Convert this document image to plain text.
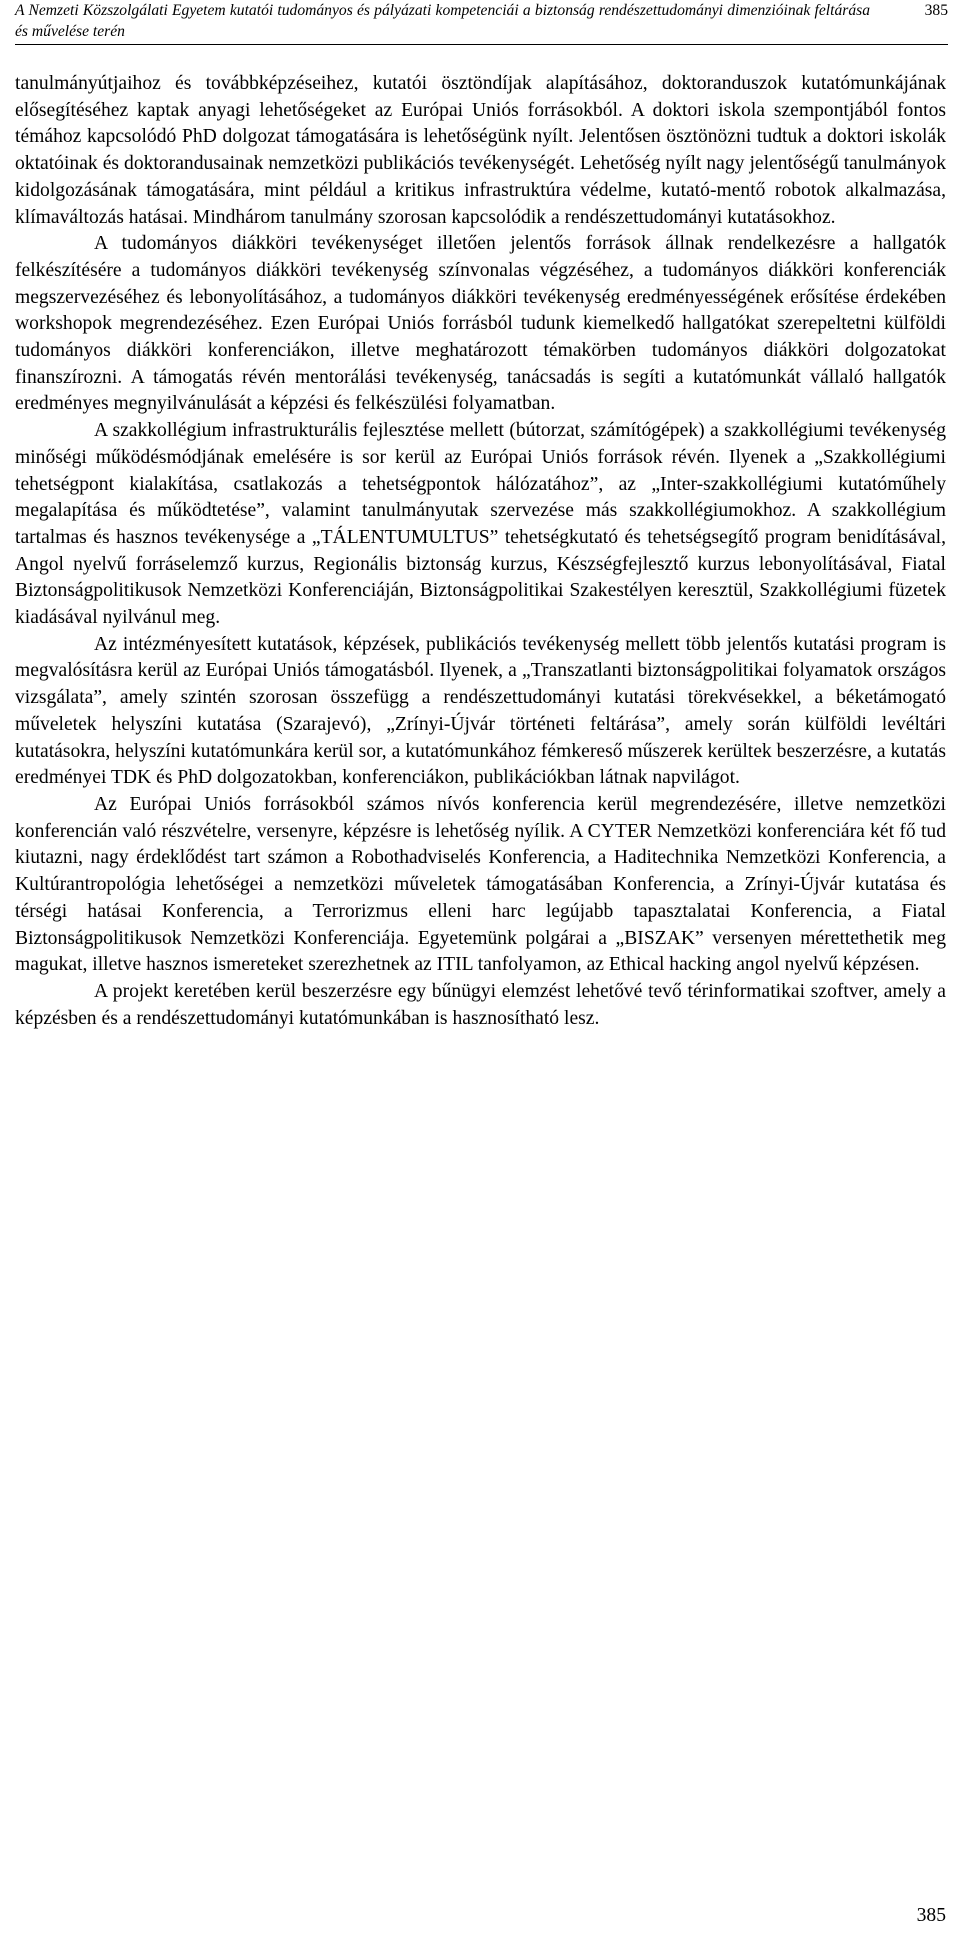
A Nemzeti Közszolgálati Egyetem kutatói tudományos és pályázati kompetenciái a biztonság rendészettudományi dimenzióinak feltárása és művelése terén
385

tanulmányútjaihoz és továbbképzéseihez, kutatói ösztöndíjak alapításához, doktoranduszok kutatómunkájának elősegítéséhez kaptak anyagi lehetőségeket az Európai Uniós forrásokból. A doktori iskola szempontjából fontos témához kapcsolódó PhD dolgozat támogatására is lehetőségünk nyílt. Jelentősen ösztönözni tudtuk a doktori iskolák oktatóinak és doktorandusainak nemzetközi publikációs tevékenységét. Lehetőség nyílt nagy jelentőségű tanulmányok kidolgozásának támogatására, mint például a kritikus infrastruktúra védelme, kutató-mentő robotok alkalmazása, klímaváltozás hatásai. Mindhárom tanulmány szorosan kapcsolódik a rendészettudományi kutatásokhoz.

A tudományos diákköri tevékenységet illetően jelentős források állnak rendelkezésre a hallgatók felkészítésére a tudományos diákköri tevékenység színvonalas végzéséhez, a tudományos diákköri konferenciák megszervezéséhez és lebonyolításához, a tudományos diákköri tevékenység eredményességének erősítése érdekében workshopok megrendezéséhez. Ezen Európai Uniós forrásból tudunk kiemelkedő hallgatókat szerepeltetni külföldi tudományos diákköri konferenciákon, illetve meghatározott témakörben tudományos diákköri dolgozatokat finanszírozni. A támogatás révén mentorálási tevékenység, tanácsadás is segíti a kutatómunkát vállaló hallgatók eredményes megnyilvánulását a képzési és felkészülési folyamatban.

A szakkollégium infrastrukturális fejlesztése mellett (bútorzat, számítógépek) a szakkollégiumi tevékenység minőségi működésmódjának emelésére is sor kerül az Európai Uniós források révén. Ilyenek a „Szakkollégiumi tehetségpont kialakítása, csatlakozás a tehetségpontok hálózatához”, az „Inter-szakkollégiumi kutatóműhely megalapítása és működtetése”, valamint tanulmányutak szervezése más szakkollégiumokhoz. A szakkollégium tartalmas és hasznos tevékenysége a „TÁLENTUMULTUS” tehetségkutató és tehetségsegítő program benidításával, Angol nyelvű forráselemző kurzus, Regionális biztonság kurzus, Készségfejlesztő kurzus lebonyolításával, Fiatal Biztonságpolitikusok Nemzetközi Konferenciáján, Biztonságpolitikai Szakestélyen keresztül, Szakkollégiumi füzetek kiadásával nyilvánul meg.

Az intézményesített kutatások, képzések, publikációs tevékenység mellett több jelentős kutatási program is megvalósításra kerül az Európai Uniós támogatásból. Ilyenek, a „Transzatlanti biztonságpolitikai folyamatok országos vizsgálata”, amely szintén szorosan összefügg a rendészettudományi kutatási törekvésekkel, a béketámogató műveletek helyszíni kutatása (Szarajevó), „Zrínyi-Újvár történeti feltárása”, amely során külföldi levéltári kutatásokra, helyszíni kutatómunkára kerül sor, a kutatómunkához fémkereső műszerek kerültek beszerzésre, a kutatás eredményei TDK és PhD dolgozatokban, konferenciákon, publikációkban látnak napvilágot.

Az Európai Uniós forrásokból számos nívós konferencia kerül megrendezésére, illetve nemzetközi konferencián való részvételre, versenyre, képzésre is lehetőség nyílik. A CYTER Nemzetközi konferenciára két fő tud kiutazni, nagy érdeklődést tart számon a Robothadviselés Konferencia, a Haditechnika Nemzetközi Konferencia, a Kultúrantropológia lehetőségei a nemzetközi műveletek támogatásában Konferencia, a Zrínyi-Újvár kutatása és térségi hatásai Konferencia, a Terrorizmus elleni harc legújabb tapasztalatai Konferencia, a Fiatal Biztonságpolitikusok Nemzetközi Konferenciája. Egyetemünk polgárai a „BISZAK” versenyen mérettethetik meg magukat, illetve hasznos ismereteket szerezhetnek az ITIL tanfolyamon, az Ethical hacking angol nyelvű képzésen.

A projekt keretében kerül beszerzésre egy bűnügyi elemzést lehetővé tevő térinformatikai szoftver, amely a képzésben és a rendészettudományi kutatómunkában is hasznosítható lesz.

385
